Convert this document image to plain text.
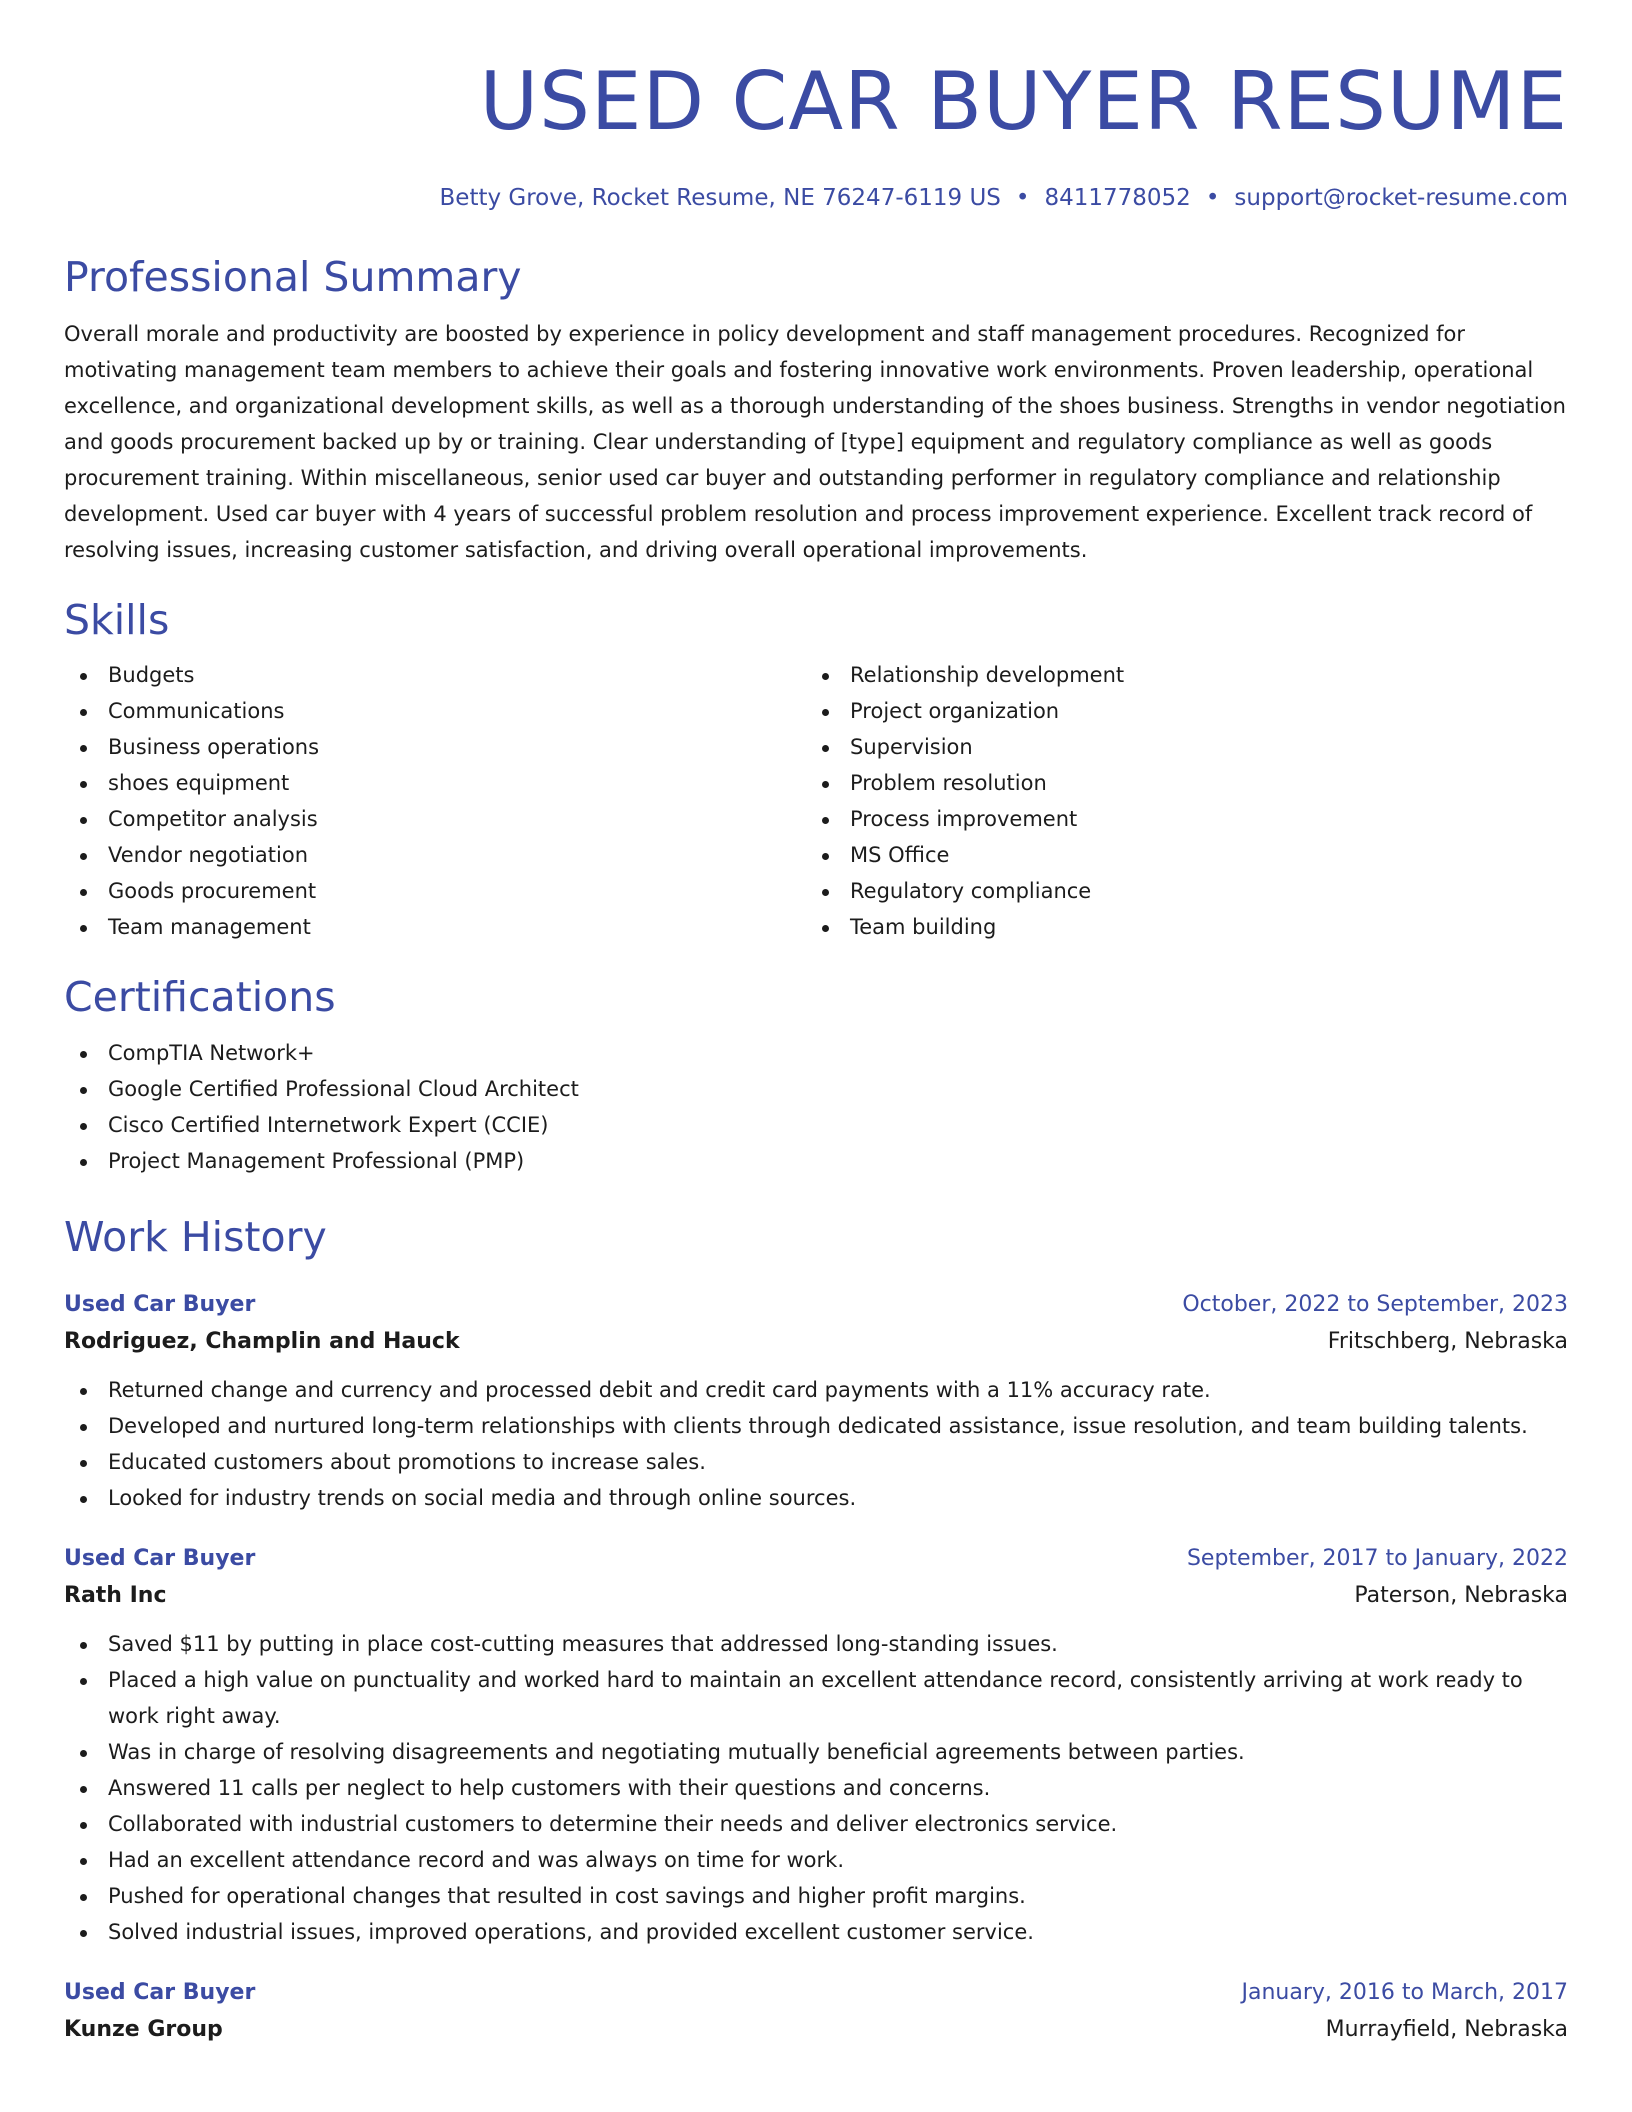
USED CAR BUYER RESUME
Betty Grove, Rocket Resume, NE 76247-6119 US • 8411778052 • support@rocket-resume.com
Professional Summary
Overall morale and productivity are boosted by experience in policy development and staff management procedures. Recognized for motivating management team members to achieve their goals and fostering innovative work environments. Proven leadership, operational excellence, and organizational development skills, as well as a thorough understanding of the shoes business. Strengths in vendor negotiation and goods procurement backed up by or training. Clear understanding of [type] equipment and regulatory compliance as well as goods procurement training. Within miscellaneous, senior used car buyer and outstanding performer in regulatory compliance and relationship development. Used car buyer with 4 years of successful problem resolution and process improvement experience. Excellent track record of resolving issues, increasing customer satisfaction, and driving overall operational improvements.
Skills
Budgets
Communications
Business operations
shoes equipment
Competitor analysis
Vendor negotiation
Goods procurement
Team management
Relationship development
Project organization
Supervision
Problem resolution
Process improvement
MS Office
Regulatory compliance
Team building
Certifications
CompTIA Network+
Google Certified Professional Cloud Architect
Cisco Certified Internetwork Expert (CCIE)
Project Management Professional (PMP)
Work History
Used Car Buyer	October, 2022 to September, 2023
Rodriguez, Champlin and Hauck	Fritschberg, Nebraska
Returned change and currency and processed debit and credit card payments with a 11% accuracy rate.
Developed and nurtured long-term relationships with clients through dedicated assistance, issue resolution, and team building talents.
Educated customers about promotions to increase sales.
Looked for industry trends on social media and through online sources.
Used Car Buyer	September, 2017 to January, 2022
Rath Inc	Paterson, Nebraska
Saved $11 by putting in place cost-cutting measures that addressed long-standing issues.
Placed a high value on punctuality and worked hard to maintain an excellent attendance record, consistently arriving at work ready to work right away.
Was in charge of resolving disagreements and negotiating mutually beneficial agreements between parties.
Answered 11 calls per neglect to help customers with their questions and concerns.
Collaborated with industrial customers to determine their needs and deliver electronics service.
Had an excellent attendance record and was always on time for work.
Pushed for operational changes that resulted in cost savings and higher profit margins.
Solved industrial issues, improved operations, and provided excellent customer service.
Used Car Buyer	January, 2016 to March, 2017
Kunze Group	Murrayfield, Nebraska
